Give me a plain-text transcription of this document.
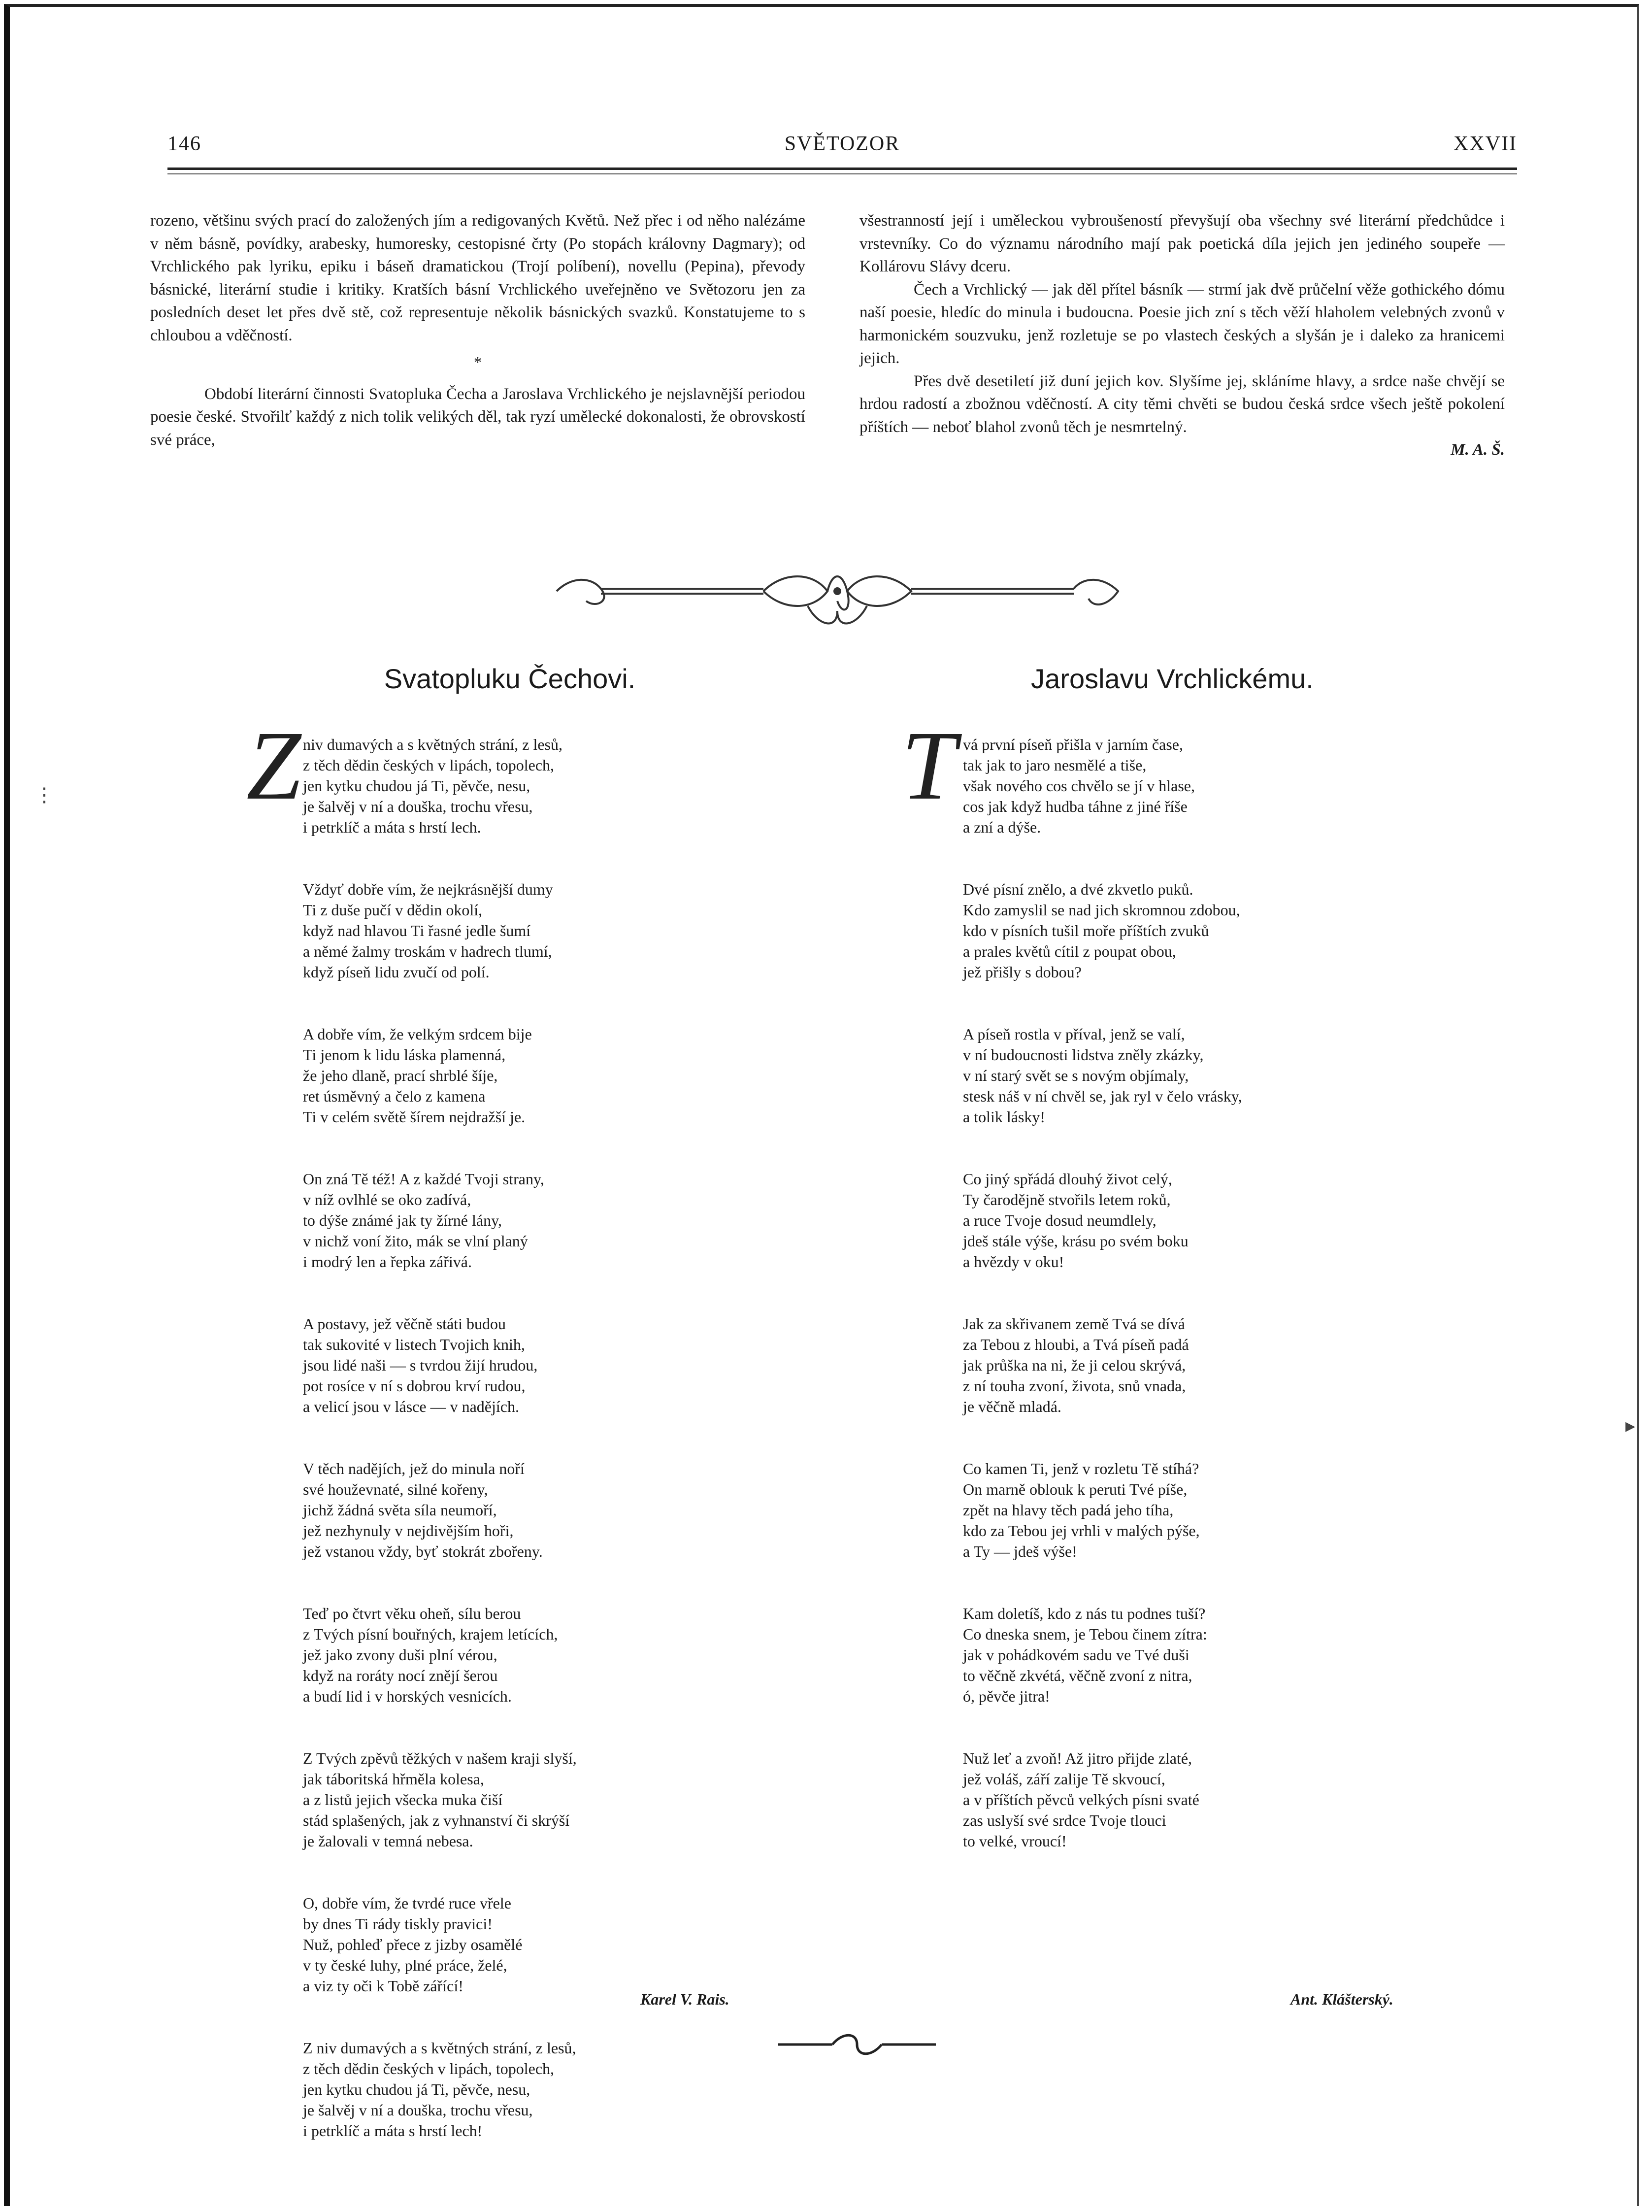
146	SVĚTOZOR	XXVII

rozeno, většinu svých prací do založených jím a redigovaných Květů. Než přec i od něho nalézáme v něm básně, povídky, arabesky, humoresky, cestopisné črty (Po stopách královny Dagmary); od Vrchlického pak lyriku, epiku i báseň dramatickou (Trojí políbení), novellu (Pepina), převody básnické, literární studie i kritiky. Kratších básní Vrchlického uveřejněno ve Světozoru jen za posledních deset let přes dvě stě, což representuje několik básnických svazků. Konstatujeme to s chloubou a vděčností.

*

Období literární činnosti Svatopluka Čecha a Jaroslava Vrchlického je nejslavnější periodou poesie české. Stvořilť každý z nich tolik velikých děl, tak ryzí umělecké dokonalosti, že obrovskostí své práce,

všestranností její i uměleckou vybroušeností převyšují oba všechny své literární předchůdce i vrstevníky. Co do významu národního mají pak poetická díla jejich jen jediného soupeře — Kollárovu Slávy dceru.

Čech a Vrchlický — jak děl přítel básník — strmí jak dvě průčelní věže gothického dómu naší poesie, hledíc do minula i budoucna. Poesie jich zní s těch věží hlaholem velebných zvonů v harmonickém souzvuku, jenž rozletuje se po vlastech českých a slyšán je i daleko za hranicemi jejich.

Přes dvě desetiletí již duní jejich kov. Slyšíme jej, skláníme hlavy, a srdce naše chvějí se hrdou radostí a zbožnou vděčností. A city těmi chvěti se budou česká srdce všech ještě pokolení příštích — neboť blahol zvonů těch je nesmrtelný.

M. A. Š.

Svatopluku Čechovi.	Jaroslavu Vrchlickému.
Z	T
niv dumavých a s květných strání, z lesů,
z těch dědin českých v lipách, topolech,
jen kytku chudou já Ti, pěvče, nesu,
je šalvěj v ní a douška, trochu vřesu,
i petrklíč a máta s hrstí lech.
Vždyť dobře vím, že nejkrásnější dumy
Ti z duše pučí v dědin okolí,
když nad hlavou Ti řasné jedle šumí
a němé žalmy troskám v hadrech tlumí,
když píseň lidu zvučí od polí.
A dobře vím, že velkým srdcem bije
Ti jenom k lidu láska plamenná,
že jeho dlaně, prací shrblé šíje,
ret úsměvný a čelo z kamena
Ti v celém světě šírem nejdražší je.
On zná Tě též! A z každé Tvoji strany,
v níž ovlhlé se oko zadívá,
to dýše známé jak ty žírné lány,
v nichž voní žito, mák se vlní planý
i modrý len a řepka zářivá.
A postavy, jež věčně státi budou
tak sukovité v listech Tvojich knih,
jsou lidé naši — s tvrdou žijí hrudou,
pot rosíce v ní s dobrou krví rudou,
a velicí jsou v lásce — v nadějích.
V těch nadějích, jež do minula noří
své houževnaté, silné kořeny,
jichž žádná světa síla neumoří,
jež nezhynuly v nejdivějším hoři,
jež vstanou vždy, byť stokrát zbořeny.
Teď po čtvrt věku oheň, sílu berou
z Tvých písní bouřných, krajem letících,
jež jako zvony duši plní vérou,
když na roráty nocí znějí šerou
a budí lid i v horských vesnicích.
Z Tvých zpěvů těžkých v našem kraji slyší,
jak táboritská hřměla kolesa,
a z listů jejich všecka muka čiší
stád splašených, jak z vyhnanství či skrýší
je žalovali v temná nebesa.
O, dobře vím, že tvrdé ruce vřele
by dnes Ti rády tiskly pravici!
Nuž, pohleď přece z jizby osamělé
v ty české luhy, plné práce, želé,
a viz ty oči k Tobě zářící!
Z niv dumavých a s květných strání, z lesů,
z těch dědin českých v lipách, topolech,
jen kytku chudou já Ti, pěvče, nesu,
je šalvěj v ní a douška, trochu vřesu,
i petrklíč a máta s hrstí lech!
vá první píseň přišla v jarním čase,
tak jak to jaro nesmělé a tiše,
však nového cos chvělo se jí v hlase,
cos jak když hudba táhne z jiné říše
a zní a dýše.
Dvé písní znělo, a dvé zkvetlo puků.
Kdo zamyslil se nad jich skromnou zdobou,
kdo v písních tušil moře příštích zvuků
a prales květů cítil z poupat obou,
jež přišly s dobou?
A píseň rostla v příval, jenž se valí,
v ní budoucnosti lidstva zněly zkázky,
v ní starý svět se s novým objímaly,
stesk náš v ní chvěl se, jak ryl v čelo vrásky,
a tolik lásky!
Co jiný spřádá dlouhý život celý,
Ty čarodějně stvořils letem roků,
a ruce Tvoje dosud neumdlely,
jdeš stále výše, krásu po svém boku
a hvězdy v oku!
Jak za skřivanem země Tvá se dívá
za Tebou z hloubi, a Tvá píseň padá
jak průška na ni, že ji celou skrývá,
z ní touha zvoní, života, snů vnada,
je věčně mladá.
Co kamen Ti, jenž v rozletu Tě stíhá?
On marně oblouk k peruti Tvé píše,
zpět na hlavy těch padá jeho tíha,
kdo za Tebou jej vrhli v malých pýše,
a Ty — jdeš výše!
Kam doletíš, kdo z nás tu podnes tuší?
Co dneska snem, je Tebou činem zítra:
jak v pohádkovém sadu ve Tvé duši
to věčně zkvétá, věčně zvoní z nitra,
ó, pěvče jitra!
Nuž leť a zvoň! Až jitro přijde zlaté,
jež voláš, září zalije Tě skvoucí,
a v příštích pěvců velkých písni svaté
zas uslyší své srdce Tvoje tlouci
to velké, vroucí!
Karel V. Rais.	Ant. Klášterský.
⋮
▸
